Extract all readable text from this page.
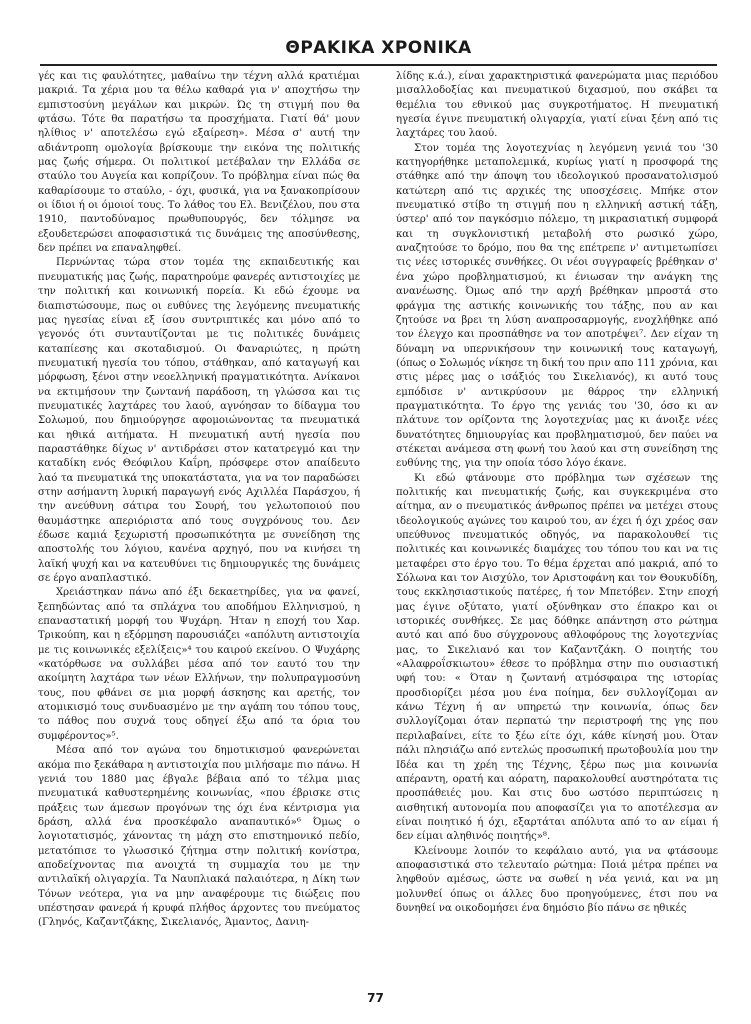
ΘΡΑΚΙΚΑ ΧΡΟΝΙΚΑ

γές και τις φαυλότητες, μαθαίνω την τέχνη αλλά κρατιέμαι μακριά. Τα χέρια μου τα θέλω καθαρά για ν' αποχτήσω την εμπιστοσύνη μεγάλων και μικρών. Ώς τη στιγμή που θα φτάσω. Τότε θα παρατήσω τα προσχήματα. Γιατί θά' μουν ηλίθιος ν' αποτελέσω εγώ εξαίρεση». Μέσα σ' αυτή την αδιάντροπη ομολογία βρίσκουμε την εικόνα της πολιτικής μας ζωής σήμερα. Οι πολιτικοί μετέβαλαν την Ελλάδα σε σταύλο του Αυγεία και κοπρίζουν. Το πρόβλημα είναι πώς θα καθαρίσουμε το σταύλο, - όχι, φυσικά, για να ξανακοπρίσουν οι ίδιοι ή οι όμοιοί τους. Το λάθος του Ελ. Βενιζέλου, που στα 1910, παντοδύναμος πρωθυπουργός, δεν τόλμησε να εξουδετερώσει αποφασιστικά τις δυνάμεις της αποσύνθεσης, δεν πρέπει να επαναληφθεί.

Περνώντας τώρα στον τομέα της εκπαιδευτικής και πνευματικής μας ζωής, παρατηρούμε φανερές αντιστοιχίες με την πολιτική και κοινωνική πορεία. Κι εδώ έχουμε να διαπιστώσουμε, πως οι ευθύνες της λεγόμενης πνευματικής μας ηγεσίας είναι εξ ίσου συντριπτικές και μόνο από το γεγονός ότι συνταυτίζονται με τις πολιτικές δυνάμεις καταπίεσης και σκοταδισμού. Οι Φαναριώτες, η πρώτη πνευματική ηγεσία του τόπου, στάθηκαν, από καταγωγή και μόρφωση, ξένοι στην νεοελληνική πραγματικότητα. Ανίκανοι να εκτιμήσουν την ζωντανή παράδοση, τη γλώσσα και τις πνευματικές λαχτάρες του λαού, αγνόησαν το δίδαγμα του Σολωμού, που δημιούργησε αφομοιώνοντας τα πνευματικά και ηθικά αιτήματα. Η πνευματική αυτή ηγεσία που παραστάθηκε δίχως ν' αντιδράσει στον κατατρεγμό και την καταδίκη ενός Θεόφιλου Καΐρη, πρόσφερε στον απαίδευτο λαό τα πνευματικά της υποκατάστατα, για να τον παραδώσει στην ασήμαντη λυρική παραγωγή ενός Αχιλλέα Παράσχου, ή την ανεύθυνη σάτιρα του Σουρή, του γελωτοποιού που θαυμάστηκε απεριόριστα από τους συγχρόνους του. Δεν έδωσε καμιά ξεχωριστή προσωπικότητα με συνείδηση της αποστολής του λόγιου, κανένα αρχηγό, που να κινήσει τη λαϊκή ψυχή και να κατευθύνει τις δημιουργικές της δυνάμεις σε έργο αναπλαστικό.

Χρειάστηκαν πάνω από έξι δεκαετηρίδες, για να φανεί, ξεπηδώντας από τα σπλάχνα του αποδήμου Ελληνισμού, η επαναστατική μορφή του Ψυχάρη. Ήταν η εποχή του Χαρ. Τρικούπη, και η εξόρμηση παρουσιάζει «απόλυτη αντιστοιχία με τις κοινωνικές εξελίξεις»⁴ του καιρού εκείνου. Ο Ψυχάρης «κατόρθωσε να συλλάβει μέσα από τον εαυτό του την ακοίμητη λαχτάρα των νέων Ελλήνων, την πολυπραγμοσύνη τους, που φθάνει σε μια μορφή άσκησης και αρετής, τον ατομικισμό τους συνδυασμένο με την αγάπη του τόπου τους, το πάθος που συχνά τους οδηγεί έξω από τα όρια του συμφέροντος»⁵.

Μέσα από τον αγώνα του δημοτικισμού φανερώνεται ακόμα πιο ξεκάθαρα η αντιστοιχία που μιλήσαμε πιο πάνω. Η γενιά του 1880 μας έβγαλε βέβαια από το τέλμα μιας πνευματικά καθυστερημένης κοινωνίας, «που έβρισκε στις πράξεις των άμεσων προγόνων της όχι ένα κέντρισμα για δράση, αλλά ένα προσκέφαλο αναπαυτικό»⁶ Όμως ο λογιοτατισμός, χάνοντας τη μάχη στο επιστημονικό πεδίο, μετατόπισε το γλωσσικό ζήτημα στην πολιτική κονίστρα, αποδείχνοντας πια ανοιχτά τη συμμαχία του με την αντιλαϊκή ολιγαρχία. Τα Ναυπλιακά παλαιότερα, η Δίκη των Τόνων νεότερα, για να μην αναφέρουμε τις διώξεις που υπέστησαν φανερά ή κρυφά πλήθος άρχοντες του πνεύματος (Γληνός, Καζαντζάκης, Σικελιανός, Άμαντος, Δανιη-

λίδης κ.ά.), είναι χαρακτηριστικά φανερώματα μιας περιόδου μισαλλοδοξίας και πνευματικού διχασμού, που σκάβει τα θεμέλια του εθνικού μας συγκροτήματος. Η πνευματική ηγεσία έγινε πνευματική ολιγαρχία, γιατί είναι ξένη από τις λαχτάρες του λαού.

Στον τομέα της λογοτεχνίας η λεγόμενη γενιά του '30 κατηγορήθηκε μεταπολεμικά, κυρίως γιατί η προσφορά της στάθηκε από την άποψη του ιδεολογικού προσανατολισμού κατώτερη από τις αρχικές της υποσχέσεις. Μπήκε στον πνευματικό στίβο τη στιγμή που η ελληνική αστική τάξη, ύστερ' από τον παγκόσμιο πόλεμο, τη μικρασιατική συμφορά και τη συγκλονιστική μεταβολή στο ρωσικό χώρο, αναζητούσε το δρόμο, που θα της επέτρεπε ν' αντιμετωπίσει τις νέες ιστορικές συνθήκες. Οι νέοι συγγραφείς βρέθηκαν σ' ένα χώρο προβληματισμού, κι ένιωσαν την ανάγκη της ανανέωσης. Όμως από την αρχή βρέθηκαν μπροστά στο φράγμα της αστικής κοινωνικής του τάξης, που αν και ζητούσε να βρει τη λύση αναπροσαρμογής, ενοχλήθηκε από τον έλεγχο και προσπάθησε να τον αποτρέψει⁷. Δεν είχαν τη δύναμη να υπερνικήσουν την κοινωνική τους καταγωγή, (όπως ο Σολωμός νίκησε τη δική του πριν απο 111 χρόνια, και στις μέρες μας ο ισάξιός του Σικελιανός), κι αυτό τους εμπόδισε ν' αντικρύσουν με θάρρος την ελληνική πραγματικότητα. Το έργο της γενιάς του '30, όσο κι αν πλάτυνε τον ορίζοντα της λογοτεχνίας μας κι άνοιξε νέες δυνατότητες δημιουργίας και προβληματισμού, δεν παύει να στέκεται ανάμεσα στη φωνή του λαού και στη συνείδηση της ευθύνης της, για την οποία τόσο λόγο έκανε.

Κι εδώ φτάνουμε στο πρόβλημα των σχέσεων της πολιτικής και πνευματικής ζωής, και συγκεκριμένα στο αίτημα, αν ο πνευματικός άνθρωπος πρέπει να μετέχει στους ιδεολογικούς αγώνες του καιρού του, αν έχει ή όχι χρέος σαν υπεύθυνος πνευματικός οδηγός, να παρακολουθεί τις πολιτικές και κοινωνικές διαμάχες του τόπου του και να τις μεταφέρει στο έργο του. Το θέμα έρχεται από μακριά, από το Σόλωνα και τον Αισχύλο, τον Αριστοφάνη και τον Θουκυδίδη, τους εκκλησιαστικούς πατέρες, ή τον Μπετόβεν. Στην εποχή μας έγινε οξύτατο, γιατί οξύνθηκαν στο έπακρο και οι ιστορικές συνθήκες. Σε μας δόθηκε απάντηση στο ρώτημα αυτό και από δυο σύγχρονους αθλοφόρους της λογοτεχνίας μας, το Σικελιανό και τον Καζαντζάκη. Ο ποιητής του «Αλαφροΐσκιωτου» έθεσε το πρόβλημα στην πιο ουσιαστική υφή του: « Όταν η ζωντανή ατμόσφαιρα της ιστορίας προσδιορίζει μέσα μου ένα ποίημα, δεν συλλογίζομαι αν κάνω Τέχνη ή αν υπηρετώ την κοινωνία, όπως δεν συλλογίζομαι όταν περπατώ την περιστροφή της γης που περιλαβαίνει, είτε το ξέω είτε όχι, κάθε κίνησή μου. Όταν πάλι πλησιάζω από εντελώς προσωπική πρωτοβουλία μου την Ιδέα και τη χρέη της Τέχνης, ξέρω πως μια κοινωνία απέραντη, ορατή και αόρατη, παρακολουθεί αυστηρότατα τις προσπάθειές μου. Και στις δυο ωστόσο περιπτώσεις η αισθητική αυτονομία που αποφασίζει για το αποτέλεσμα αν είναι ποιητικό ή όχι, εξαρτάται απόλυτα από το αν είμαι ή δεν είμαι αληθινός ποιητής»⁸.

Κλείνουμε λοιπόν το κεφάλαιο αυτό, για να φτάσουμε αποφασιστικά στο τελευταίο ρώτημα: Ποιά μέτρα πρέπει να ληφθούν αμέσως, ώστε να σωθεί η νέα γενιά, και να μη μολυνθεί όπως οι άλλες δυο προηγούμενες, έτσι που να δυνηθεί να οικοδομήσει ένα δημόσιο βίο πάνω σε ηθικές

77
